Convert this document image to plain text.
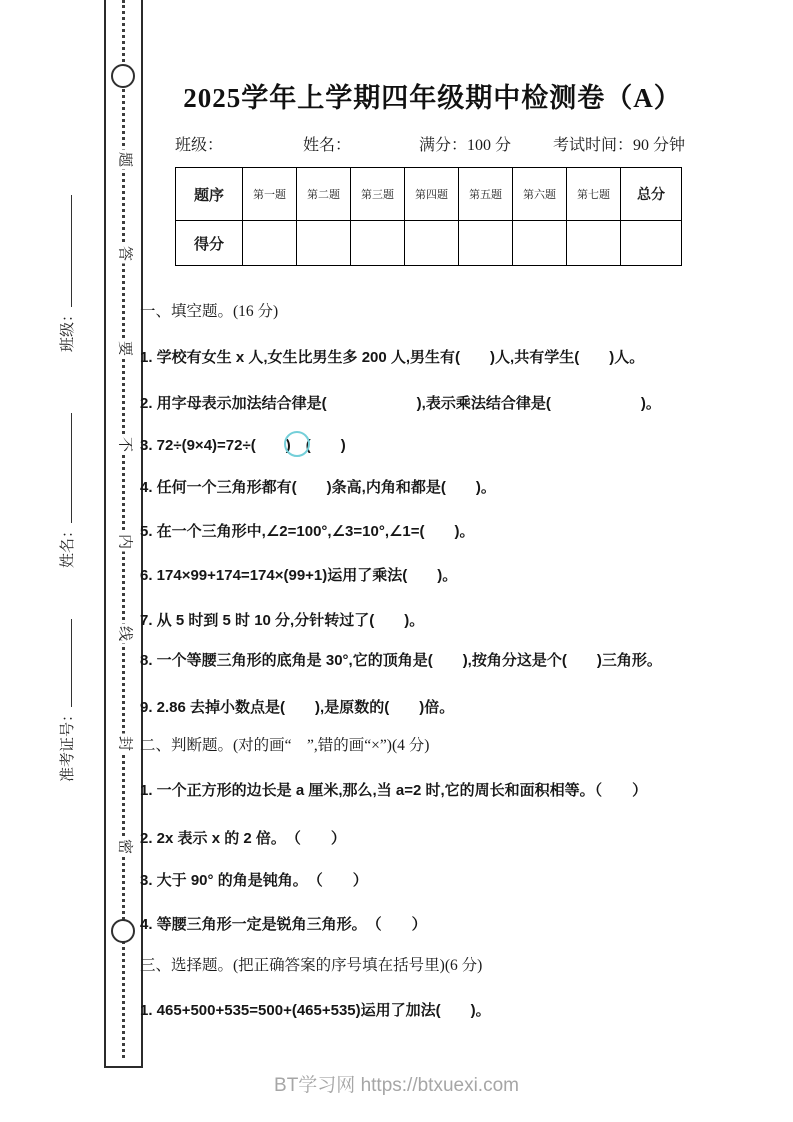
题
答
要
不
内
线
封
密
班级：
姓名：
准考证号：
2025学年上学期四年级期中检测卷（A）
班级：	姓名：	满分：100 分	考试时间：90 分钟
题序	第一题	第二题	第三题	第四题	第五题	第六题	第七题	总分
得分								
一、填空题。(16 分)
1. 学校有女生 x 人,女生比男生多 200 人,男生有(　　)人,共有学生(　　)人。
2. 用字母表示加法结合律是(　　　　　　),表示乘法结合律是(　　　　　　)。
3. 72÷(9×4)=72÷(　　) (　　)
4. 任何一个三角形都有(　　)条高,内角和都是(　　)。
5. 在一个三角形中,∠2=100°,∠3=10°,∠1=(　　)。
6. 174×99+174=174×(99+1)运用了乘法(　　)。
7. 从 5 时到 5 时 10 分,分针转过了(　　)。
8. 一个等腰三角形的底角是 30°,它的顶角是(　　),按角分这是个(　　)三角形。
9. 2.86 去掉小数点是(　　),是原数的(　　)倍。
二、判断题。(对的画“　”,错的画“×”)(4 分)
1. 一个正方形的边长是 a 厘米,那么,当 a=2 时,它的周长和面积相等。（　　）
2. 2x 表示 x 的 2 倍。　（　　）
3. 大于 90° 的角是钝角。　（　　）
4. 等腰三角形一定是锐角三角形。　（　　）
三、选择题。(把正确答案的序号填在括号里)(6 分)
1. 465+500+535=500+(465+535)运用了加法(　　)。
BT学习网 https://btxuexi.com
